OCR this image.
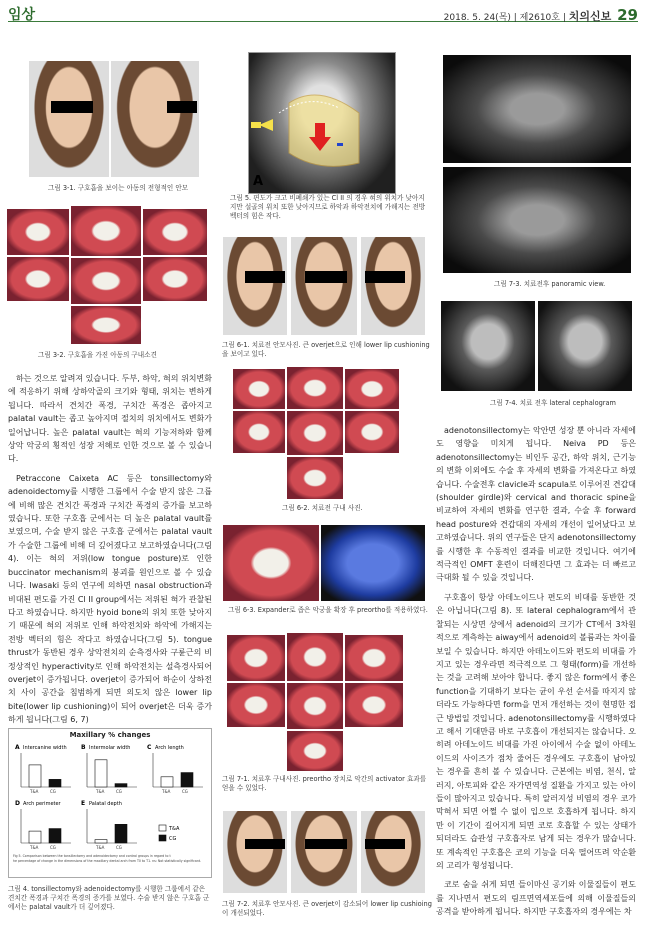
임상	2018. 5. 24(목) | 제2610호 | 치의신보 29
그림 3-1. 구호흡을 보이는 아동의 전형적인 안모
그림 3-2. 구호흡을 가진 아동의 구내소견

하는 것으로 알려져 있습니다. 두부, 하악, 혀의 위치변화에 적응하기 위해 상하악골의 크기와 형태, 위치는 변하게 됩니다. 따라서 견치간 폭경, 구치간 폭경은 좁아지고 palatal vault는 좁고 높아지며 절치의 위치에서도 변화가 일어납니다. 높은 palatal vault는 혀의 기능저하와 함께 상악 악궁의 횡적인 성장 저해로 인한 것으로 볼 수 있습니다.

Petraccone Caixeta AC 등은 tonsillectomy와 adenoidectomy를 시행한 그룹에서 수술 받지 않은 그룹에 비해 많은 견치간 폭경과 구치간 폭경의 증가를 보고하였습니다. 또한 구호흡 군에서는 더 높은 palatal vault를 보였으며, 수술 받지 않은 구호흡 군에서는 palatal vault가 수술한 그룹에 비해 더 깊어졌다고 보고하였습니다(그림 4). 이는 혀의 저위(low tongue posture)로 인한 buccinator mechanism의 붕괴를 원인으로 볼 수 있습니다. Iwasaki 등의 연구에 의하면 nasal obstruction과 비대된 편도를 가진 Cl II group에서는 저위된 혀가 관찰된다고 하였습니다. 하지만 hyoid bone의 위치 또한 낮아지기 때문에 혀의 저위로 인해 하악전치와 하악에 가해지는 전방 벡터의 힘은 작다고 하였습니다(그림 5). tongue thrust가 동반된 경우 상악전치의 순측경사와 구륜근의 비정상적인 hyperactivity로 인해 하악전치는 설측경사되어 overjet이 증가됩니다. overjet이 증가되어 하순이 상하전치 사이 공간을 침범하게 되면 의도치 않은 lower lip bite(lower lip cushioning)이 되어 overjet은 더욱 증가하게 됩니다(그림 6, 7)

Maxillary % changes
A Intercanine width
T&A	CG
B Intermolar width
T&A	CG
C Arch length
T&A	CG
D Arch perimeter
T&A	CG
E Palatal depth
T&A	CG
T&A
CG
Fig 5. Comparison between the tonsillectomy and adenoidectomy and control groups in regard to t
he percentage of change in the dimensions of the maxillary dental arch from T0 to T1. ns: Not statistically significant.
그림 4. tonsillectomy와 adenoidectomy를 시행한 그룹에서 같은 견치간 폭경과 구치간 폭경의 증가를 보였다. 수술 받지 않은 구호흡 군에서는 palatal vault가 더 깊어졌다.
A
그림 5. 편도가 크고 비폐쇄가 있는 Cl II 의 경우 혀의 위치가 낮아지지만 설골의 위치 또한 낮아지므로 하악과 하악전치에 가해지는 전방 벡터의 힘은 작다.
그림 6-1. 치료전 안모사진. 큰 overjet으로 인해 lower lip cushioning을 보이고 있다.
그림 6-2. 치료전 구내 사진.
그림 6-3. Expander로 좁은 악궁을 확장 후 preortho를 적용하였다.
그림 7-1. 치료후 구내사진. preortho 장치로 악간의 activator 효과를 얻을 수 있었다.
그림 7-2. 치료후 안모사진. 큰 overjet이 감소되어 lower lip cushioing이 개선되었다.
그림 7-3. 치료전후 panoramic view.
그림 7-4. 치료 전후 lateral cephalogram

adenotonsillectomy는 악안면 성장 뿐 아니라 자세에도 영향을 미치게 됩니다. Neiva PD 등은 adenotonsillectomy는 비인두 공간, 하악 위치, 근기능의 변화 이외에도 수술 후 자세의 변화를 가져온다고 하였습니다. 수술전후 clavicle과 scapula로 이루어진 견갑대(shoulder girdle)와 cervical and thoracic spine을 비교하여 자세의 변화를 연구한 결과, 수술 후 forward head posture와 견갑대의 자세의 개선이 일어났다고 보고하였습니다. 위의 연구들은 단지 adenotonsillectomy를 시행한 후 수동적인 결과를 비교한 것입니다. 여기에 적극적인 OMFT 훈련이 더해진다면 그 효과는 더 빠르고 극대화 될 수 있을 것입니다.

구호흡이 항상 아데노이드나 편도의 비대를 동반한 것은 아닙니다(그림 8). 또 lateral cephalogram에서 관찰되는 시상면 상에서 adenoid의 크기가 CT에서 3차원적으로 계측하는 aiway에서 adenoid의 볼륨과는 차이를 보일 수 있습니다. 하지만 아데노이드와 편도의 비대를 가지고 있는 경우라면 적극적으로 그 형태(form)를 개선하는 것을 고려해 보아야 합니다. 좋지 않은 form에서 좋은 function을 기대하기 보다는 균이 우선 순서를 따지지 않더라도 가능하다면 form을 먼저 개선하는 것이 현명한 접근 방법일 것입니다. adenotonsillectomy를 시행하였다고 해서 기대만큼 바로 구호흡이 개선되지는 않습니다. 오히려 아데노이드 비대를 가진 아이에서 수술 없이 아데노이드의 사이즈가 점차 줄어든 경우에도 구호흡이 남아있는 경우를 흔히 볼 수 있습니다. 근본에는 비염, 천식, 알러지, 아토피와 같은 자가면역성 질환을 가지고 있는 아이들이 많아지고 있습니다. 특히 알러지성 비염의 경우 코가 막혀서 되면 어쩔 수 없이 입으로 호흡하게 됩니다. 하지만 이 기간이 길어지게 되면 코로 호흡할 수 있는 상태가 되더라도 습관성 구호흡자로 남게 되는 경우가 많습니다. 또 계속적인 구호흡은 코의 기능을 더욱 떨어뜨려 악순환의 고리가 형성됩니다.

코로 숨을 쉬게 되면 들이마신 공기와 이물질들이 편도를 지나면서 편도의 림프면역세포들에 의해 이물질들의 공격을 받아하게 됩니다. 하지만 구호흡자의 경우에는 차
